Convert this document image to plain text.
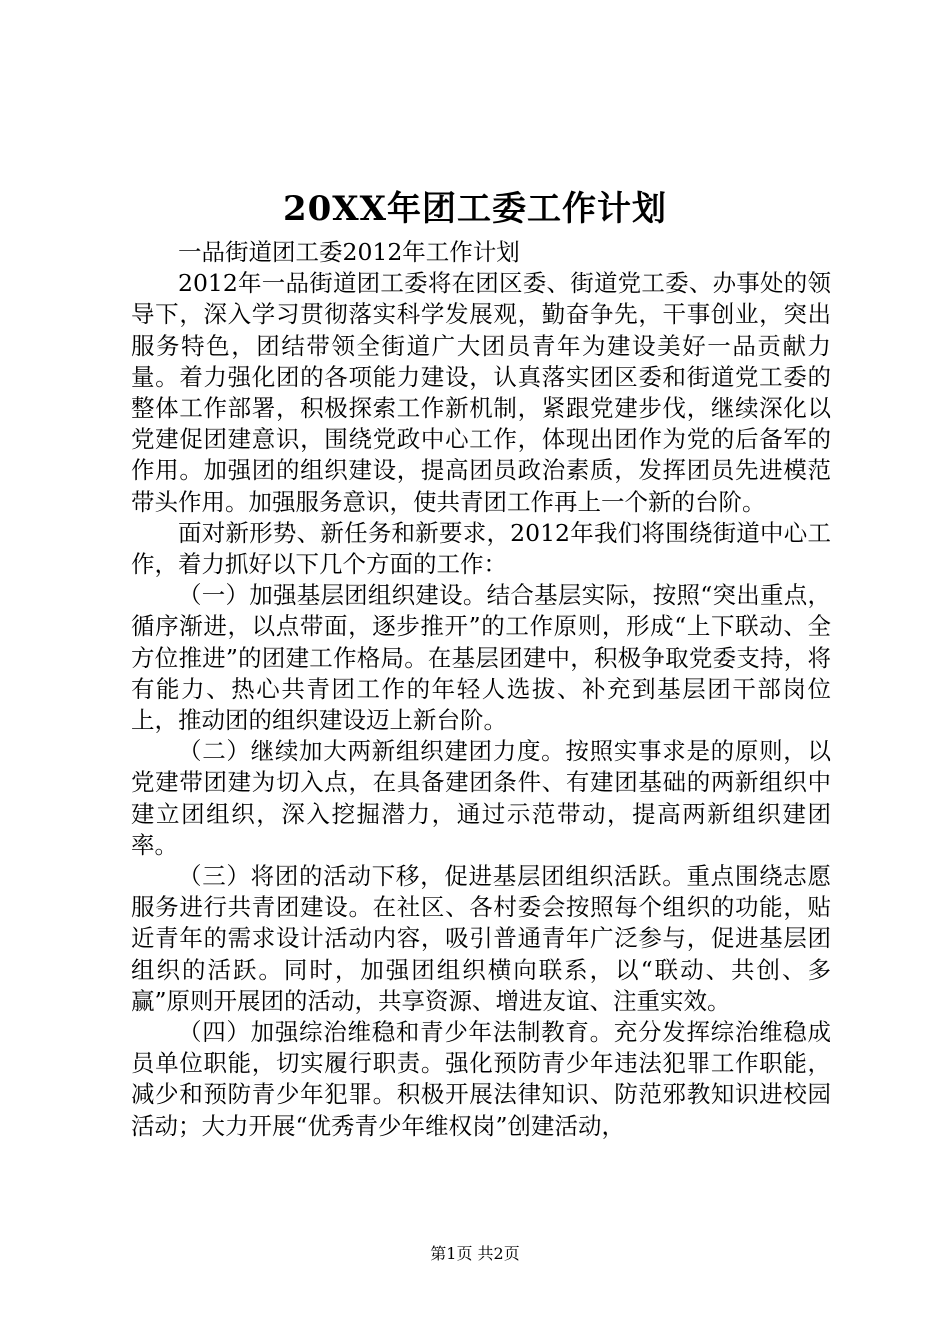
20XX年团工委工作计划

一品街道团工委2012年工作计划

2012年一品街道团工委将在团区委、街道党工委、办事处的领导下，深入学习贯彻落实科学发展观，勤奋争先，干事创业，突出服务特色，团结带领全街道广大团员青年为建设美好一品贡献力量。着力强化团的各项能力建设，认真落实团区委和街道党工委的整体工作部署，积极探索工作新机制，紧跟党建步伐，继续深化以党建促团建意识，围绕党政中心工作，体现出团作为党的后备军的作用。加强团的组织建设，提高团员政治素质，发挥团员先进模范带头作用。加强服务意识，使共青团工作再上一个新的台阶。

面对新形势、新任务和新要求，2012年我们将围绕街道中心工作，着力抓好以下几个方面的工作：

（一）加强基层团组织建设。结合基层实际，按照“突出重点，循序渐进，以点带面，逐步推开”的工作原则，形成“上下联动、全方位推进”的团建工作格局。在基层团建中，积极争取党委支持，将有能力、热心共青团工作的年轻人选拔、补充到基层团干部岗位上，推动团的组织建设迈上新台阶。

（二）继续加大两新组织建团力度。按照实事求是的原则，以党建带团建为切入点，在具备建团条件、有建团基础的两新组织中建立团组织，深入挖掘潜力，通过示范带动，提高两新组织建团率。

（三）将团的活动下移，促进基层团组织活跃。重点围绕志愿服务进行共青团建设。在社区、各村委会按照每个组织的功能，贴近青年的需求设计活动内容，吸引普通青年广泛参与，促进基层团组织的活跃。同时，加强团组织横向联系，以“联动、共创、多赢”原则开展团的活动，共享资源、增进友谊、注重实效。

（四）加强综治维稳和青少年法制教育。充分发挥综治维稳成员单位职能，切实履行职责。强化预防青少年违法犯罪工作职能，减少和预防青少年犯罪。积极开展法律知识、防范邪教知识进校园活动；大力开展“优秀青少年维权岗”创建活动，

第1页 共2页
